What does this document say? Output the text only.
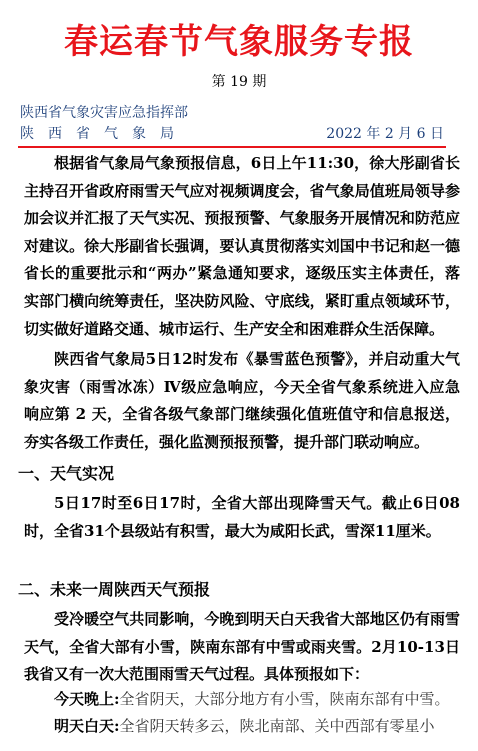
春运春节气象服务专报
第 19 期
陕西省气象灾害应急指挥部
陕西省气象局	2022 年 2 月 6 日
根据省气象局气象预报信息，6日上午11:30，徐大彤副省长主持召开省政府雨雪天气应对视频调度会，省气象局值班局领导参加会议并汇报了天气实况、预报预警、气象服务开展情况和防范应对建议。徐大彤副省长强调，要认真贯彻落实刘国中书记和赵一德省长的重要批示和“两办”紧急通知要求，逐级压实主体责任，落实部门横向统筹责任，坚决防风险、守底线，紧盯重点领域环节，切实做好道路交通、城市运行、生产安全和困难群众生活保障。
陕西省气象局5日12时发布《暴雪蓝色预警》，并启动重大气象灾害（雨雪冰冻）Ⅳ级应急响应，今天全省气象系统进入应急响应第 2 天，全省各级气象部门继续强化值班值守和信息报送，夯实各级工作责任，强化监测预报预警，提升部门联动响应。
一、天气实况
5日17时至6日17时，全省大部出现降雪天气。截止6日08时，全省31个县级站有积雪，最大为咸阳长武，雪深11厘米。
二、未来一周陕西天气预报
受冷暖空气共同影响，今晚到明天白天我省大部地区仍有雨雪天气，全省大部有小雪，陕南东部有中雪或雨夹雪。2月10-13日我省又有一次大范围雨雪天气过程。具体预报如下：
今天晚上:全省阴天，大部分地方有小雪，陕南东部有中雪。
明天白天:全省阴天转多云，陕北南部、关中西部有零星小
